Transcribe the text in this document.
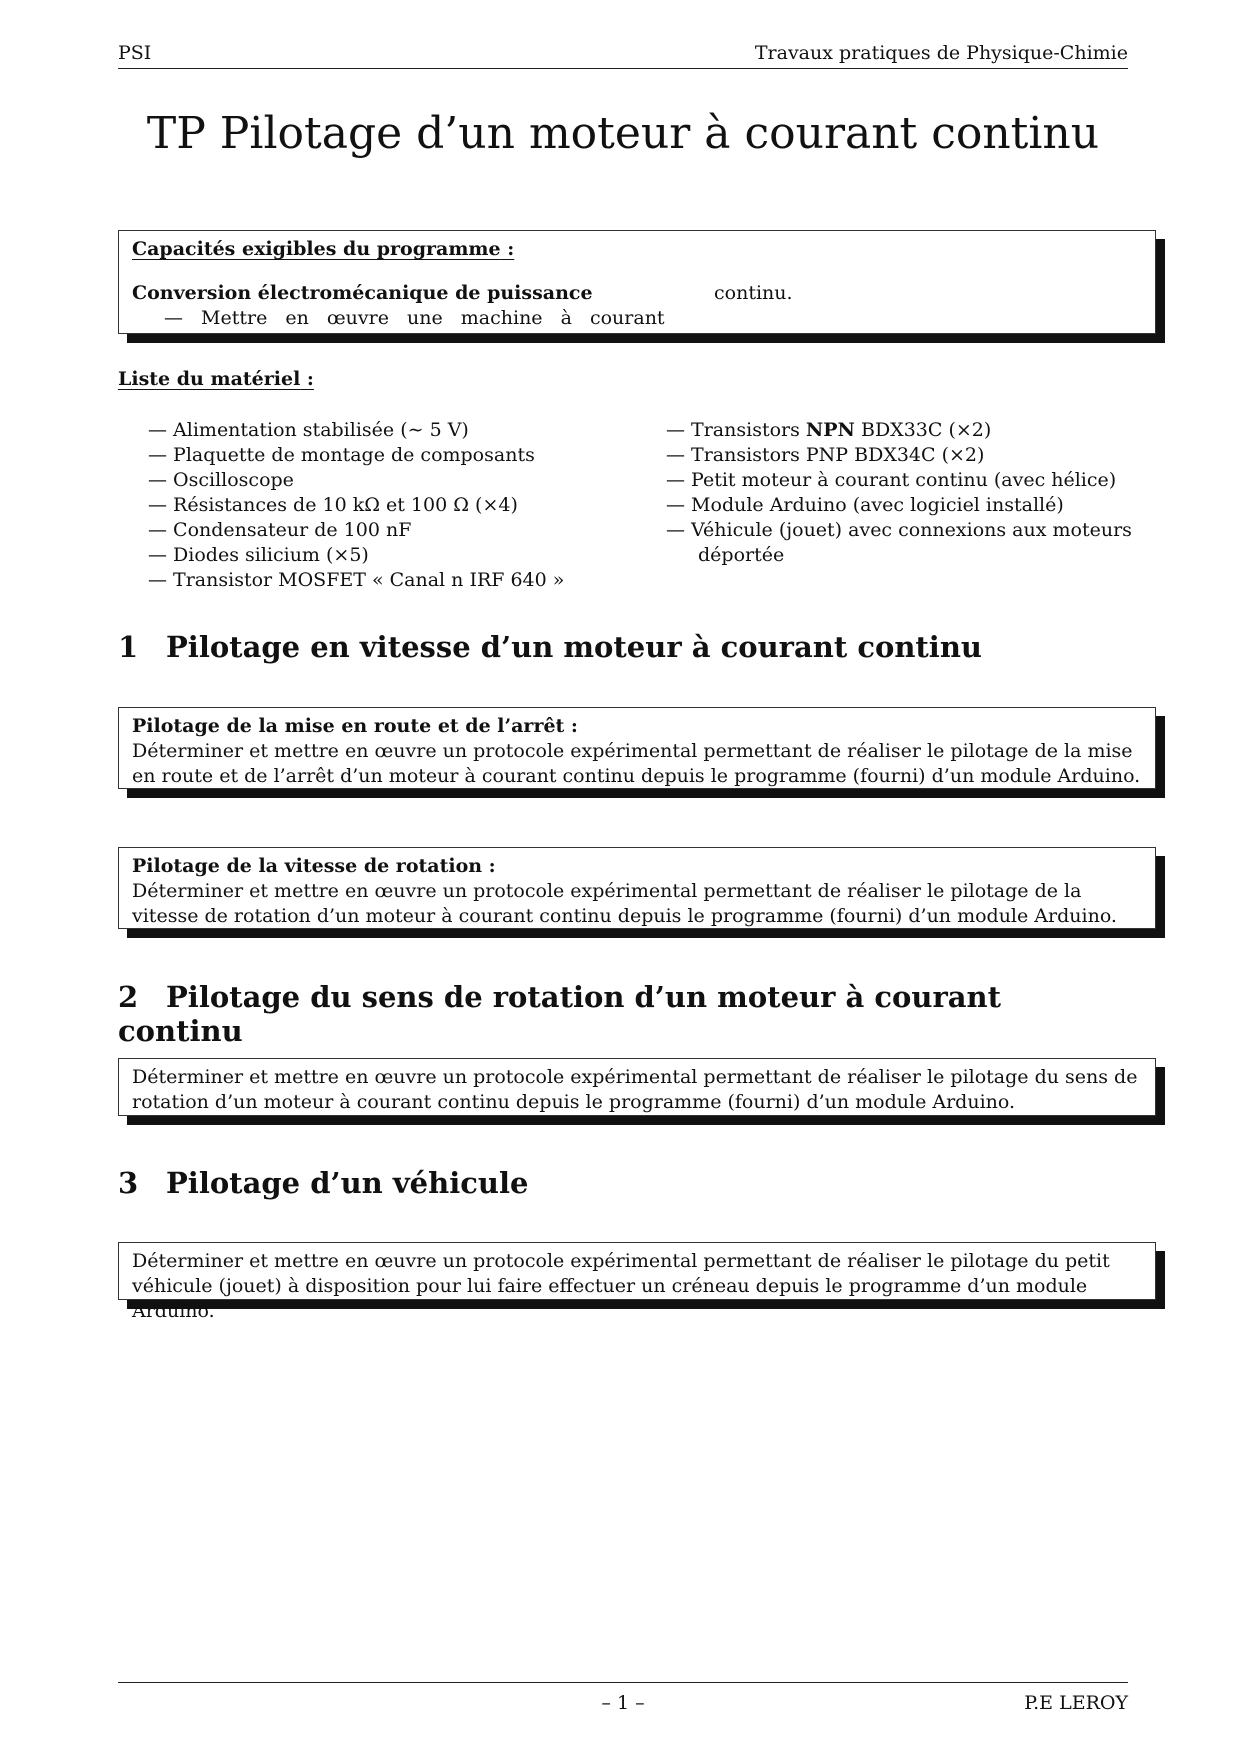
PSI	Travaux pratiques de Physique-Chimie
TP Pilotage d’un moteur à courant continu
Capacités exigibles du programme :
Conversion électromécanique de puissance	continu.
— Mettre en œuvre une machine à courant
Liste du matériel :
— Alimentation stabilisée (∼ 5 V)
— Plaquette de montage de composants
— Oscilloscope
— Résistances de 10 kΩ et 100 Ω (×4)
— Condensateur de 100 nF
— Diodes silicium (×5)
— Transistor MOSFET « Canal n IRF 640 »
— Transistors NPN BDX33C (×2)
— Transistors PNP BDX34C (×2)
— Petit moteur à courant continu (avec hélice)
— Module Arduino (avec logiciel installé)
— Véhicule (jouet) avec connexions aux moteurs déportée
1 Pilotage en vitesse d’un moteur à courant continu
Pilotage de la mise en route et de l’arrêt :
Déterminer et mettre en œuvre un protocole expérimental permettant de réaliser le pilotage de la mise en route et de l’arrêt d’un moteur à courant continu depuis le programme (fourni) d’un module Arduino.
Pilotage de la vitesse de rotation :
Déterminer et mettre en œuvre un protocole expérimental permettant de réaliser le pilotage de la vitesse de rotation d’un moteur à courant continu depuis le programme (fourni) d’un module Arduino.
2 Pilotage du sens de rotation d’un moteur à courant continu
Déterminer et mettre en œuvre un protocole expérimental permettant de réaliser le pilotage du sens de rotation d’un moteur à courant continu depuis le programme (fourni) d’un module Arduino.
3 Pilotage d’un véhicule
Déterminer et mettre en œuvre un protocole expérimental permettant de réaliser le pilotage du petit véhicule (jouet) à disposition pour lui faire effectuer un créneau depuis le programme d’un module Arduino.
– 1 –	P.E LEROY
